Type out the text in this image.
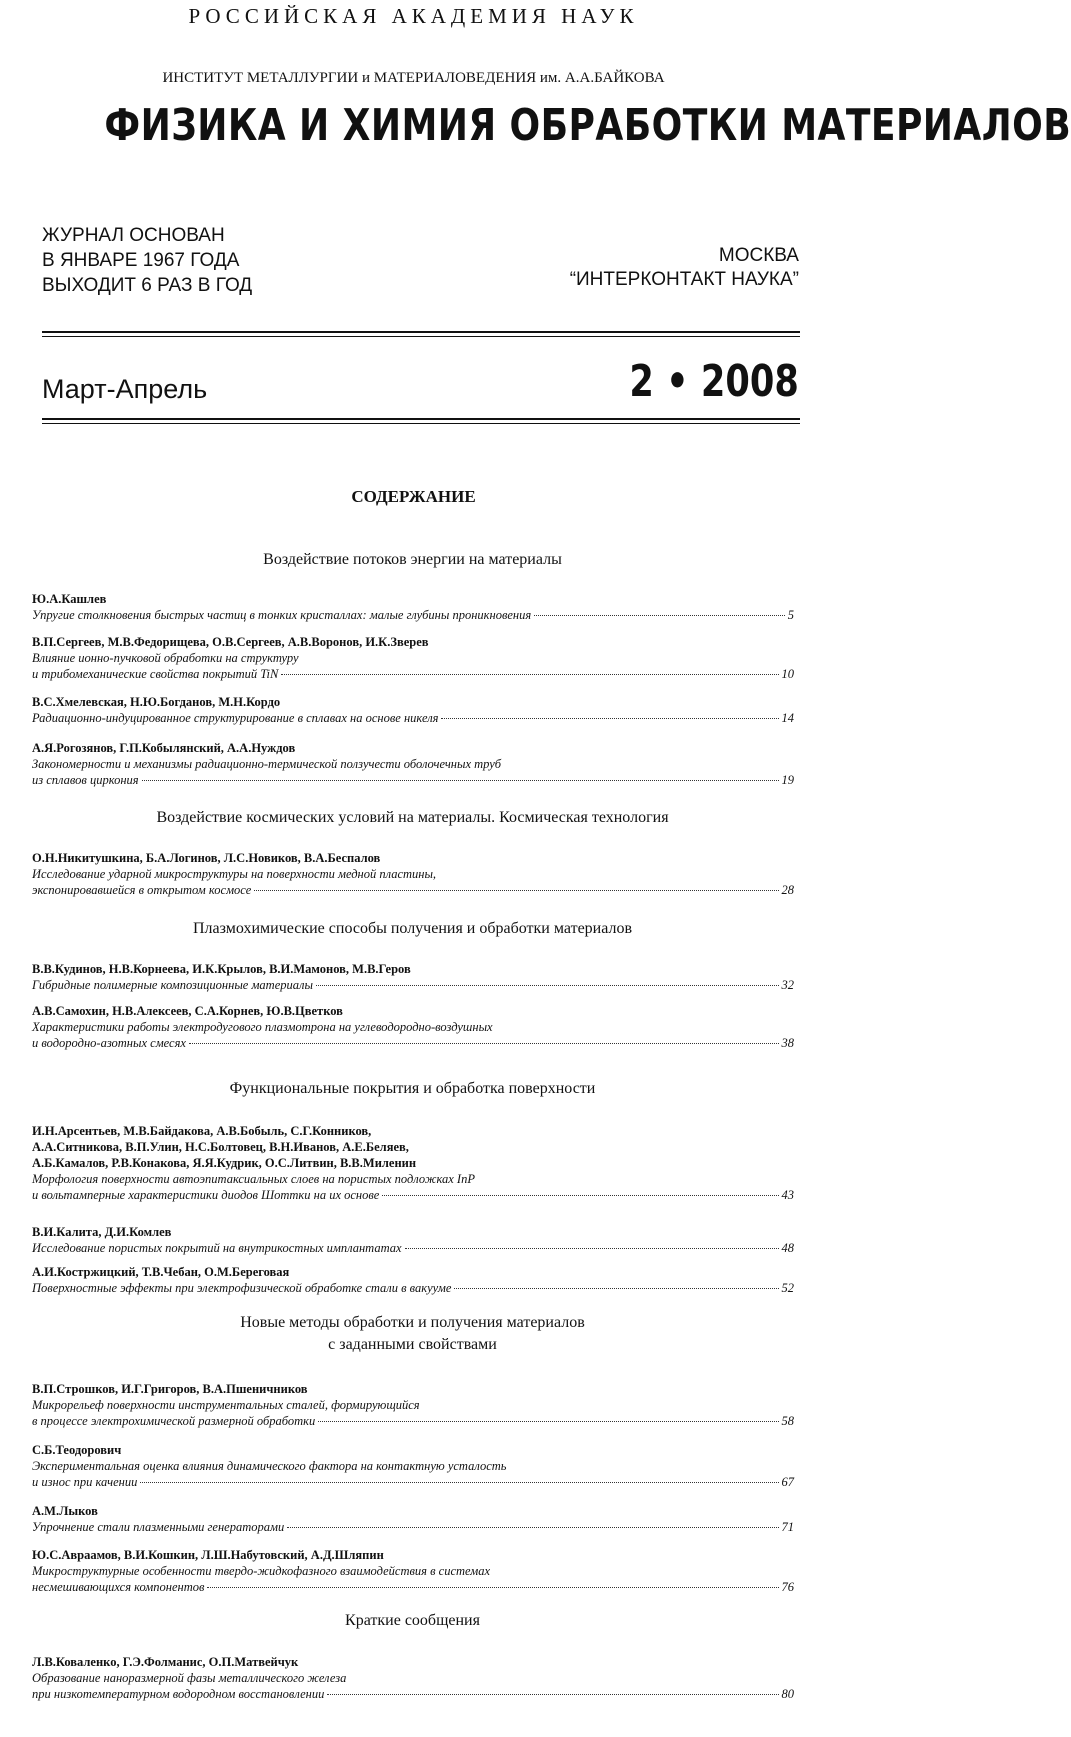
РОССИЙСКАЯ АКАДЕМИЯ НАУК
ИНСТИТУТ МЕТАЛЛУРГИИ и МАТЕРИАЛОВЕДЕНИЯ им. А.А.БАЙКОВА
ФИЗИКА И ХИМИЯ ОБРАБОТКИ МАТЕРИАЛОВ
ЖУРНАЛ ОСНОВАН
В ЯНВАРЕ 1967 ГОДА
ВЫХОДИТ 6 РАЗ В ГОД
МОСКВА
“ИНТЕРКОНТАКТ НАУКА”
Март-Апрель	2 • 2008
СОДЕРЖАНИЕ
Воздействие потоков энергии на материалы
Ю.А.Кашлев
Упругие столкновения быстрых частиц в тонких кристаллах: малые глубины проникновения	5
В.П.Сергеев, М.В.Федорищева, О.В.Сергеев, А.В.Воронов, И.К.Зверев
Влияние ионно-пучковой обработки на структуру
и трибомеханические свойства покрытий TiN	10
В.С.Хмелевская, Н.Ю.Богданов, М.Н.Кордо
Радиационно-индуцированное структурирование в сплавах на основе никеля	14
А.Я.Рогозянов, Г.П.Кобылянский, А.А.Нуждов
Закономерности и механизмы радиационно-термической ползучести оболочечных труб
из сплавов циркония	19
Воздействие космических условий на материалы. Космическая технология
О.Н.Никитушкина, Б.А.Логинов, Л.С.Новиков, В.А.Беспалов
Исследование ударной микроструктуры на поверхности медной пластины,
экспонировавшейся в открытом космосе	28
Плазмохимические способы получения и обработки материалов
В.В.Кудинов, Н.В.Корнеева, И.К.Крылов, В.И.Мамонов, М.В.Геров
Гибридные полимерные композиционные материалы	32
А.В.Самохин, Н.В.Алексеев, С.А.Корнев, Ю.В.Цветков
Характеристики работы электродугового плазмотрона на углеводородно-воздушных
и водородно-азотных смесях	38
Функциональные покрытия и обработка поверхности
И.Н.Арсентьев, М.В.Байдакова, А.В.Бобыль, С.Г.Конников,
А.А.Ситникова, В.П.Улин, Н.С.Болтовец, В.Н.Иванов, А.Е.Беляев,
А.Б.Камалов, Р.В.Конакова, Я.Я.Кудрик, О.С.Литвин, В.В.Миленин
Морфология поверхности автоэпитаксиальных слоев на пористых подложках InP
и вольтамперные характеристики диодов Шоттки на их основе	43
В.И.Калита, Д.И.Комлев
Исследование пористых покрытий на внутрикостных имплантатах	48
А.И.Костржицкий, Т.В.Чебан, О.М.Береговая
Поверхностные эффекты при электрофизической обработке стали в вакууме	52
Новые методы обработки и получения материалов
с заданными свойствами
В.П.Строшков, И.Г.Григоров, В.А.Пшеничников
Микрорельеф поверхности инструментальных сталей, формирующийся
в процессе электрохимической размерной обработки	58
С.Б.Теодорович
Экспериментальная оценка влияния динамического фактора на контактную усталость
и износ при качении	67
А.М.Лыков
Упрочнение стали плазменными генераторами	71
Ю.С.Авраамов, В.И.Кошкин, Л.Ш.Набутовский, А.Д.Шляпин
Микроструктурные особенности твердо-жидкофазного взаимодействия в системах
несмешивающихся компонентов	76
Краткие сообщения
Л.В.Коваленко, Г.Э.Фолманис, О.П.Матвейчук
Образование наноразмерной фазы металлического железа
при низкотемпературном водородном восстановлении	80
